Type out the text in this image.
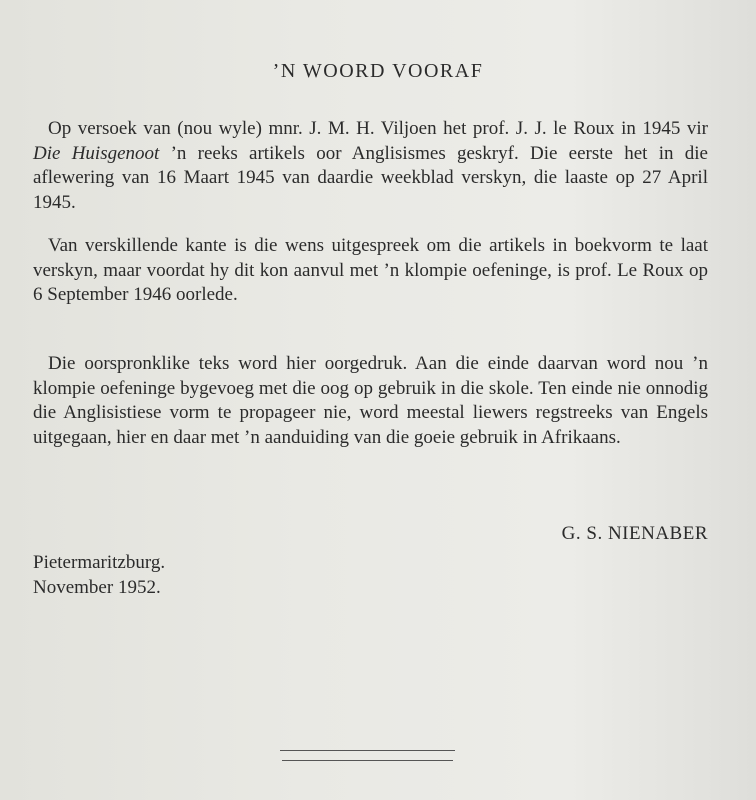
’N WOORD VOORAF

Op versoek van (nou wyle) mnr. J. M. H. Viljoen het prof. J. J. le Roux in 1945 vir Die Huisgenoot ’n reeks artikels oor Anglisismes geskryf. Die eerste het in die aflewering van 16 Maart 1945 van daardie weekblad verskyn, die laaste op 27 April 1945.

Van verskillende kante is die wens uitgespreek om die artikels in boekvorm te laat verskyn, maar voordat hy dit kon aanvul met ’n klompie oefeninge, is prof. Le Roux op 6 September 1946 oorlede.

Die oorspronklike teks word hier oorgedruk. Aan die einde daarvan word nou ’n klompie oefeninge bygevoeg met die oog op gebruik in die skole. Ten einde nie onnodig die Anglisistiese vorm te propageer nie, word meestal liewers regstreeks van Engels uitgegaan, hier en daar met ’n aanduiding van die goeie gebruik in Afrikaans.

G. S. NIENABER
Pietermaritzburg.
November 1952.
